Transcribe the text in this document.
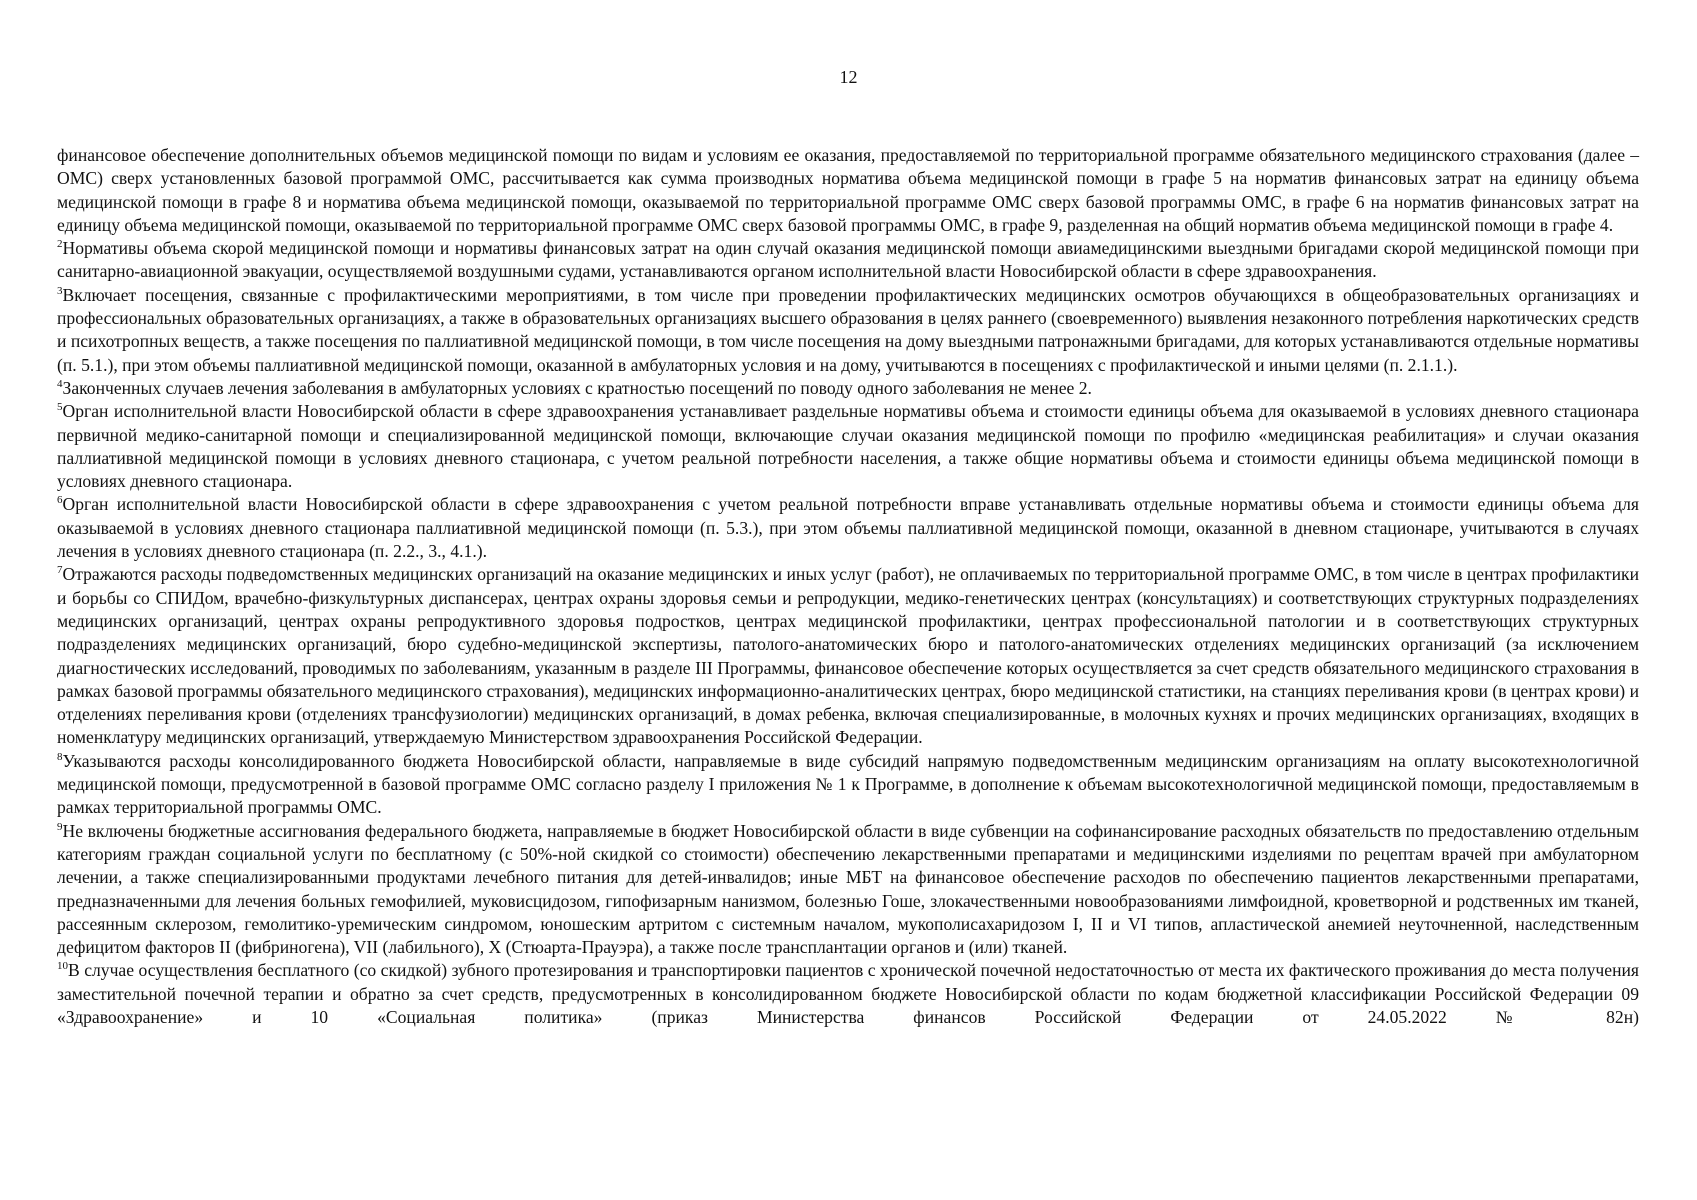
12

финансовое обеспечение дополнительных объемов медицинской помощи по видам и условиям ее оказания, предоставляемой по территориальной программе обязательного медицинского страхования (далее – ОМС) сверх установленных базовой программой ОМС, рассчитывается как сумма производных норматива объема медицинской помощи в графе 5 на норматив финансовых затрат на единицу объема медицинской помощи в графе 8 и норматива объема медицинской помощи, оказываемой по территориальной программе ОМС сверх базовой программы ОМС, в графе 6 на норматив финансовых затрат на единицу объема медицинской помощи, оказываемой по территориальной программе ОМС сверх базовой программы ОМС, в графе 9, разделенная на общий норматив объема медицинской помощи в графе 4.

$^2$Нормативы объема скорой медицинской помощи и нормативы финансовых затрат на один случай оказания медицинской помощи авиамедицинскими выездными бригадами скорой медицинской помощи при санитарно-авиационной эвакуации, осуществляемой воздушными судами, устанавливаются органом исполнительной власти Новосибирской области в сфере здравоохранения.

$^3$Включает посещения, связанные с профилактическими мероприятиями, в том числе при проведении профилактических медицинских осмотров обучающихся в общеобразовательных организациях и профессиональных образовательных организациях, а также в образовательных организациях высшего образования в целях раннего (своевременного) выявления незаконного потребления наркотических средств и психотропных веществ, а также посещения по паллиативной медицинской помощи, в том числе посещения на дому выездными патронажными бригадами, для которых устанавливаются отдельные нормативы (п. 5.1.), при этом объемы паллиативной медицинской помощи, оказанной в амбулаторных условия и на дому, учитываются в посещениях с профилактической и иными целями (п. 2.1.1.).

$^4$Законченных случаев лечения заболевания в амбулаторных условиях с кратностью посещений по поводу одного заболевания не менее 2.

$^5$Орган исполнительной власти Новосибирской области в сфере здравоохранения устанавливает раздельные нормативы объема и стоимости единицы объема для оказываемой в условиях дневного стационара первичной медико-санитарной помощи и специализированной медицинской помощи, включающие случаи оказания медицинской помощи по профилю «медицинская реабилитация» и случаи оказания паллиативной медицинской помощи в условиях дневного стационара, с учетом реальной потребности населения, а также общие нормативы объема и стоимости единицы объема медицинской помощи в условиях дневного стационара.

$^6$Орган исполнительной власти Новосибирской области в сфере здравоохранения с учетом реальной потребности вправе устанавливать отдельные нормативы объема и стоимости единицы объема для оказываемой в условиях дневного стационара паллиативной медицинской помощи (п. 5.3.), при этом объемы паллиативной медицинской помощи, оказанной в дневном стационаре, учитываются в случаях лечения в условиях дневного стационара (п. 2.2., 3., 4.1.).

$^7$Отражаются расходы подведомственных медицинских организаций на оказание медицинских и иных услуг (работ), не оплачиваемых по территориальной программе ОМС, в том числе в центрах профилактики и борьбы со СПИДом, врачебно-физкультурных диспансерах, центрах охраны здоровья семьи и репродукции, медико-генетических центрах (консультациях) и соответствующих структурных подразделениях медицинских организаций, центрах охраны репродуктивного здоровья подростков, центрах медицинской профилактики, центрах профессиональной патологии и в соответствующих структурных подразделениях медицинских организаций, бюро судебно-медицинской экспертизы, патолого-анатомических бюро и патолого-анатомических отделениях медицинских организаций (за исключением диагностических исследований, проводимых по заболеваниям, указанным в разделе III Программы, финансовое обеспечение которых осуществляется за счет средств обязательного медицинского страхования в рамках базовой программы обязательного медицинского страхования), медицинских информационно-аналитических центрах, бюро медицинской статистики, на станциях переливания крови (в центрах крови) и отделениях переливания крови (отделениях трансфузиологии) медицинских организаций, в домах ребенка, включая специализированные, в молочных кухнях и прочих медицинских организациях, входящих в номенклатуру медицинских организаций, утверждаемую Министерством здравоохранения Российской Федерации.

$^8$Указываются расходы консолидированного бюджета Новосибирской области, направляемые в виде субсидий напрямую подведомственным медицинским организациям на оплату высокотехнологичной медицинской помощи, предусмотренной в базовой программе ОМС согласно разделу I приложения № 1 к Программе, в дополнение к объемам высокотехнологичной медицинской помощи, предоставляемым в рамках территориальной программы ОМС.

$^9$Не включены бюджетные ассигнования федерального бюджета, направляемые в бюджет Новосибирской области в виде субвенции на софинансирование расходных обязательств по предоставлению отдельным категориям граждан социальной услуги по бесплатному (с 50%-ной скидкой со стоимости) обеспечению лекарственными препаратами и медицинскими изделиями по рецептам врачей при амбулаторном лечении, а также специализированными продуктами лечебного питания для детей-инвалидов; иные МБТ на финансовое обеспечение расходов по обеспечению пациентов лекарственными препаратами, предназначенными для лечения больных гемофилией, муковисцидозом, гипофизарным нанизмом, болезнью Гоше, злокачественными новообразованиями лимфоидной, кроветворной и родственных им тканей, рассеянным склерозом, гемолитико-уремическим синдромом, юношеским артритом с системным началом, мукополисахаридозом I, II и VI типов, апластической анемией неуточненной, наследственным дефицитом факторов II (фибриногена), VII (лабильного), X (Стюарта-Прауэра), а также после трансплантации органов и (или) тканей.

$^{10}$В случае осуществления бесплатного (со скидкой) зубного протезирования и транспортировки пациентов с хронической почечной недостаточностью от места их фактического проживания до места получения заместительной почечной терапии и обратно за счет средств, предусмотренных в консолидированном бюджете Новосибирской области по кодам бюджетной классификации Российской Федерации 09 «Здравоохранение» и 10 «Социальная политика» (приказ Министерства финансов Российской Федерации от 24.05.2022 № 82н)
